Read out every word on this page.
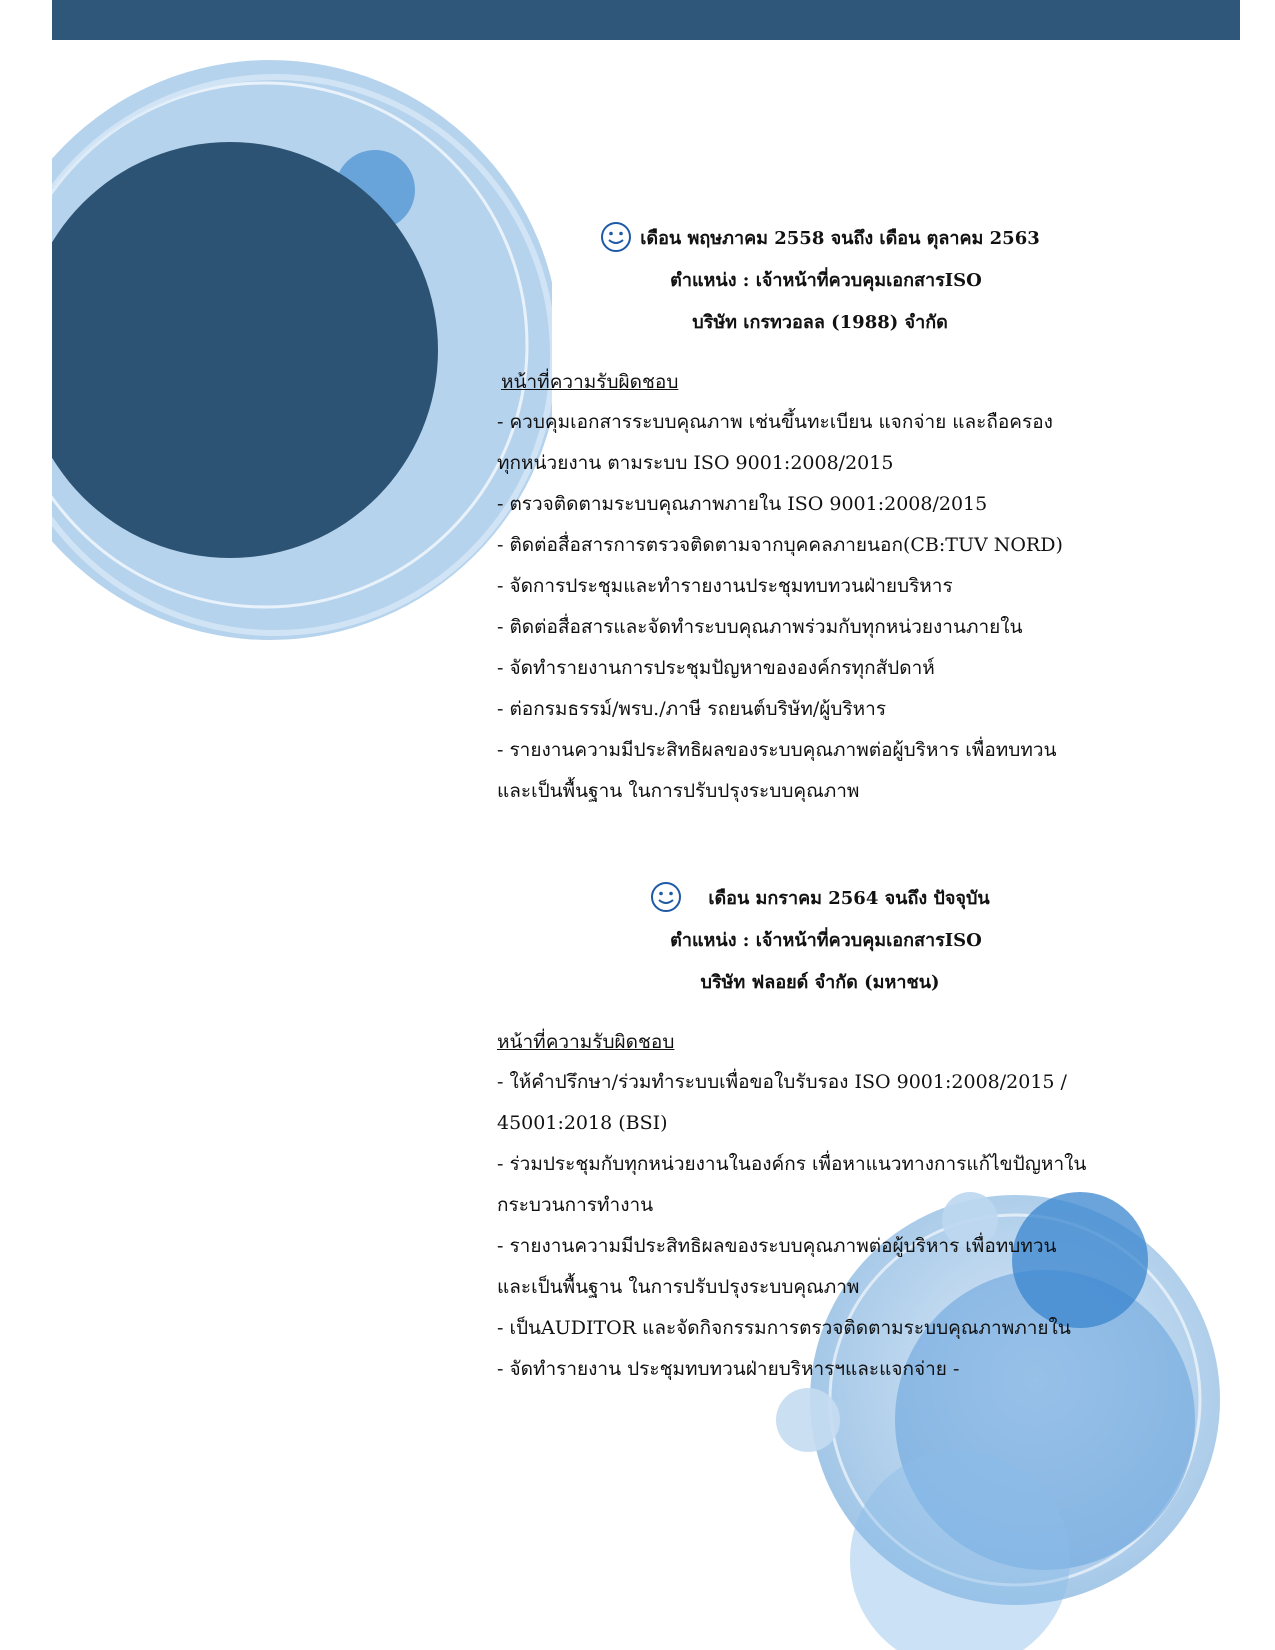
เดือน พฤษภาคม 2558 จนถึง เดือน ตุลาคม 2563
ตำแหน่ง : เจ้าหน้าที่ควบคุมเอกสารISO
บริษัท เกรทวอลล (1988) จำกัด
หน้าที่ความรับผิดชอบ
- ควบคุมเอกสารระบบคุณภาพ เช่นขึ้นทะเบียน แจกจ่าย และถือครอง
ทุกหน่วยงาน ตามระบบ ISO 9001:2008/2015
- ตรวจติดตามระบบคุณภาพภายใน ISO 9001:2008/2015
- ติดต่อสื่อสารการตรวจติดตามจากบุคคลภายนอก(CB:TUV NORD)
- จัดการประชุมและทำรายงานประชุมทบทวนฝ่ายบริหาร
- ติดต่อสื่อสารและจัดทำระบบคุณภาพร่วมกับทุกหน่วยงานภายใน
- จัดทำรายงานการประชุมปัญหาขององค์กรทุกสัปดาห์
- ต่อกรมธรรม์/พรบ./ภาษี รถยนต์บริษัท/ผู้บริหาร
- รายงานความมีประสิทธิผลของระบบคุณภาพต่อผู้บริหาร เพื่อทบทวน
และเป็นพื้นฐาน ในการปรับปรุงระบบคุณภาพ
เดือน มกราคม 2564 จนถึง ปัจจุบัน
ตำแหน่ง : เจ้าหน้าที่ควบคุมเอกสารISO
บริษัท ฟลอยด์ จำกัด (มหาชน)
หน้าที่ความรับผิดชอบ
- ให้คำปรึกษา/ร่วมทำระบบเพื่อขอใบรับรอง ISO 9001:2008/2015 /
45001:2018 (BSI)
- ร่วมประชุมกับทุกหน่วยงานในองค์กร เพื่อหาแนวทางการแก้ไขปัญหาใน
กระบวนการทำงาน
- รายงานความมีประสิทธิผลของระบบคุณภาพต่อผู้บริหาร เพื่อทบทวน
และเป็นพื้นฐาน ในการปรับปรุงระบบคุณภาพ
- เป็นAUDITOR และจัดกิจกรรมการตรวจติดตามระบบคุณภาพภายใน
- จัดทำรายงาน ประชุมทบทวนฝ่ายบริหารฯและแจกจ่าย -
